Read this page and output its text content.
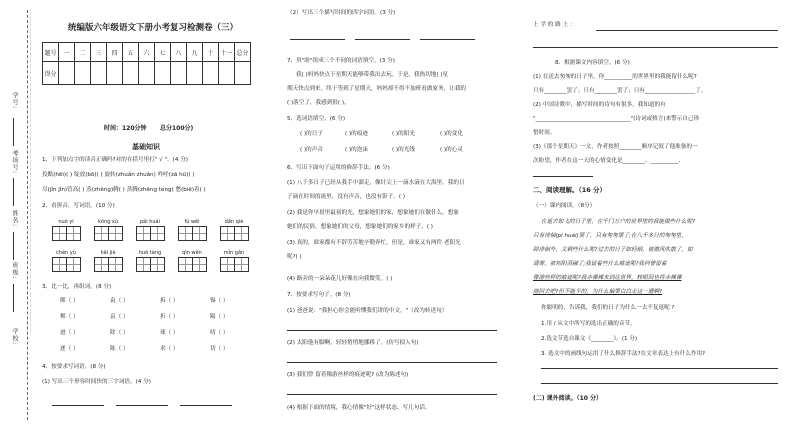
………………………………………………………………………………………………………………………………………………
学号:
考场号:
姓名:
班级:
学校:
统编版六年级语文下册小考复习检测卷（三）
题号	一	二	三	四	五	六	七	八	九	十	十一	总分
得分												
时间：120分钟 总分100分)
基础知识
1、下列加点字的读音正确吗?对的在括号里打" √ "。(4 分)
狡黠(hēi)( ) 绽放(bō)( ) 旋转(zhuǎn zhuǎn) 咋呼(zā hū)( )
尽(jǐn jǐn)管高( ) 蒸(zhēng)腾( ) 蒸腾(zhēng téng) 憋(biē)着( )
2、看拼音，写词语。(10 分)
nuó yí	kōng xū	pái huái	fú wēi	dǎn qiè
chén yú	hǎi jiè	huǒ tàng	qīn wēn	mǐn gǎn
3、比一比，再组词。(8 分)
绑（ ）	袁（ ）	拆（ ）	锡（ ）
梆（ ）	哀（ ）	折（ ）	陽（ ）
逊（ ）	除（ ）	球（ ）	叨（ ）
逐（ ）	陈（ ）	求（ ）	切（ ）
4、按要求写词语。(8 分)
(1) 写出三个形容时间快的三字词语。(4 分)
（2）写出三个描写时间的四字词语。(3 分)
7、用"盼"组成三个不同的词语填空。(3 分)
我( )妈妈快点下星期天能够带我出去玩。于是，我热切地( )星
期天快点到来。终于等到了星期天，妈妈却不得不加班看做家务，让我的
( )落空了，我感到很( )。
5、选词语填空。(6 分)
( )的日子	( )的痕迹	( )的阳光	( )的变化
( )的声音	( )的泡沫	( )的光线	( )的心灵
6、写出下面句子运用的修辞手法。(6 分)
(1) 八千多日子已经从我手中溜走，像针尖上一滴水滴在大海里，我的日
子滴在时间的流里，没有声音，也没有影子。( )
(2) 我是你早晨里最初的光，想象她们的家，想象她们在做什么，想象
她们的民俗，想象她们的父母，想象她们的家乡的样子。( )
(3) 真的，谁家都有不辞劳苦地辛勤奔忙，但是，谁家又有两件 老阳光
呢?( )
(4) 路旁的一朵朵花儿好像在向我微笑。( )
7、按要求写句子。(8 分)
(1) 爸爸说："我担心你会能听懂我们讲的中文。"（改为转述句）
(2) 太阳他有脚啊，轻轻悄悄地挪移了。(仿写拟人句)
(3) 我们曾 留着像游丝样的痕迹呢? (改为陈述句)
(4) 根据下面的情境，我心情像"好"这样状态，写几句话。
上 学 的 路 上 ：
8、根据课文内容填空。(6 分)
(1) 在送去匆匆的日子里，你__________的世界里的我能留什么呢?
只有________罢了；只有________罢了；只有__________________了。
(2) 中国诗歌中，描写时间的诗句有很多，我知道的有
"__________________________________"(诗词或格言)来警示自己珍
惜时间。
(3)《那个星期天》一文，作者按照________顺序记叙了他准备的一
次盼望，作者在这一天的心情变化是________、__________、
二、阅读理解。（16 分）
（一）课内阅读。（8分）
在逝去如飞的日子里，在千门万户的世界里的我能做些什么呢?
只有徘徊(pí huái)罢了，只有匆匆罢了;在八千多日的匆匆里，
除徘徊外，又剩些什么呢?过去的日子如轻烟，被微风吹散了，如
薄雾，被初阳蒸融了;我留着些什么痕迹呢?我何曾留着
像游丝样的痕迹呢?我赤裸裸来到这世界，转眼间也将赤裸裸
地回去吧?但不能平的，为什么偏要白白走这一遭啊?
你聪明的，告诉我，我们的日子为什么一去不复返呢 ?
1.用 / 从文中所写的选出正确的音节。
2.选文节选自课文《________》。(1 分)
3. 选文中的画线句运用了什么修辞手法?在文章表达上有什么作用?
(二) 课外阅读。（10 分）
